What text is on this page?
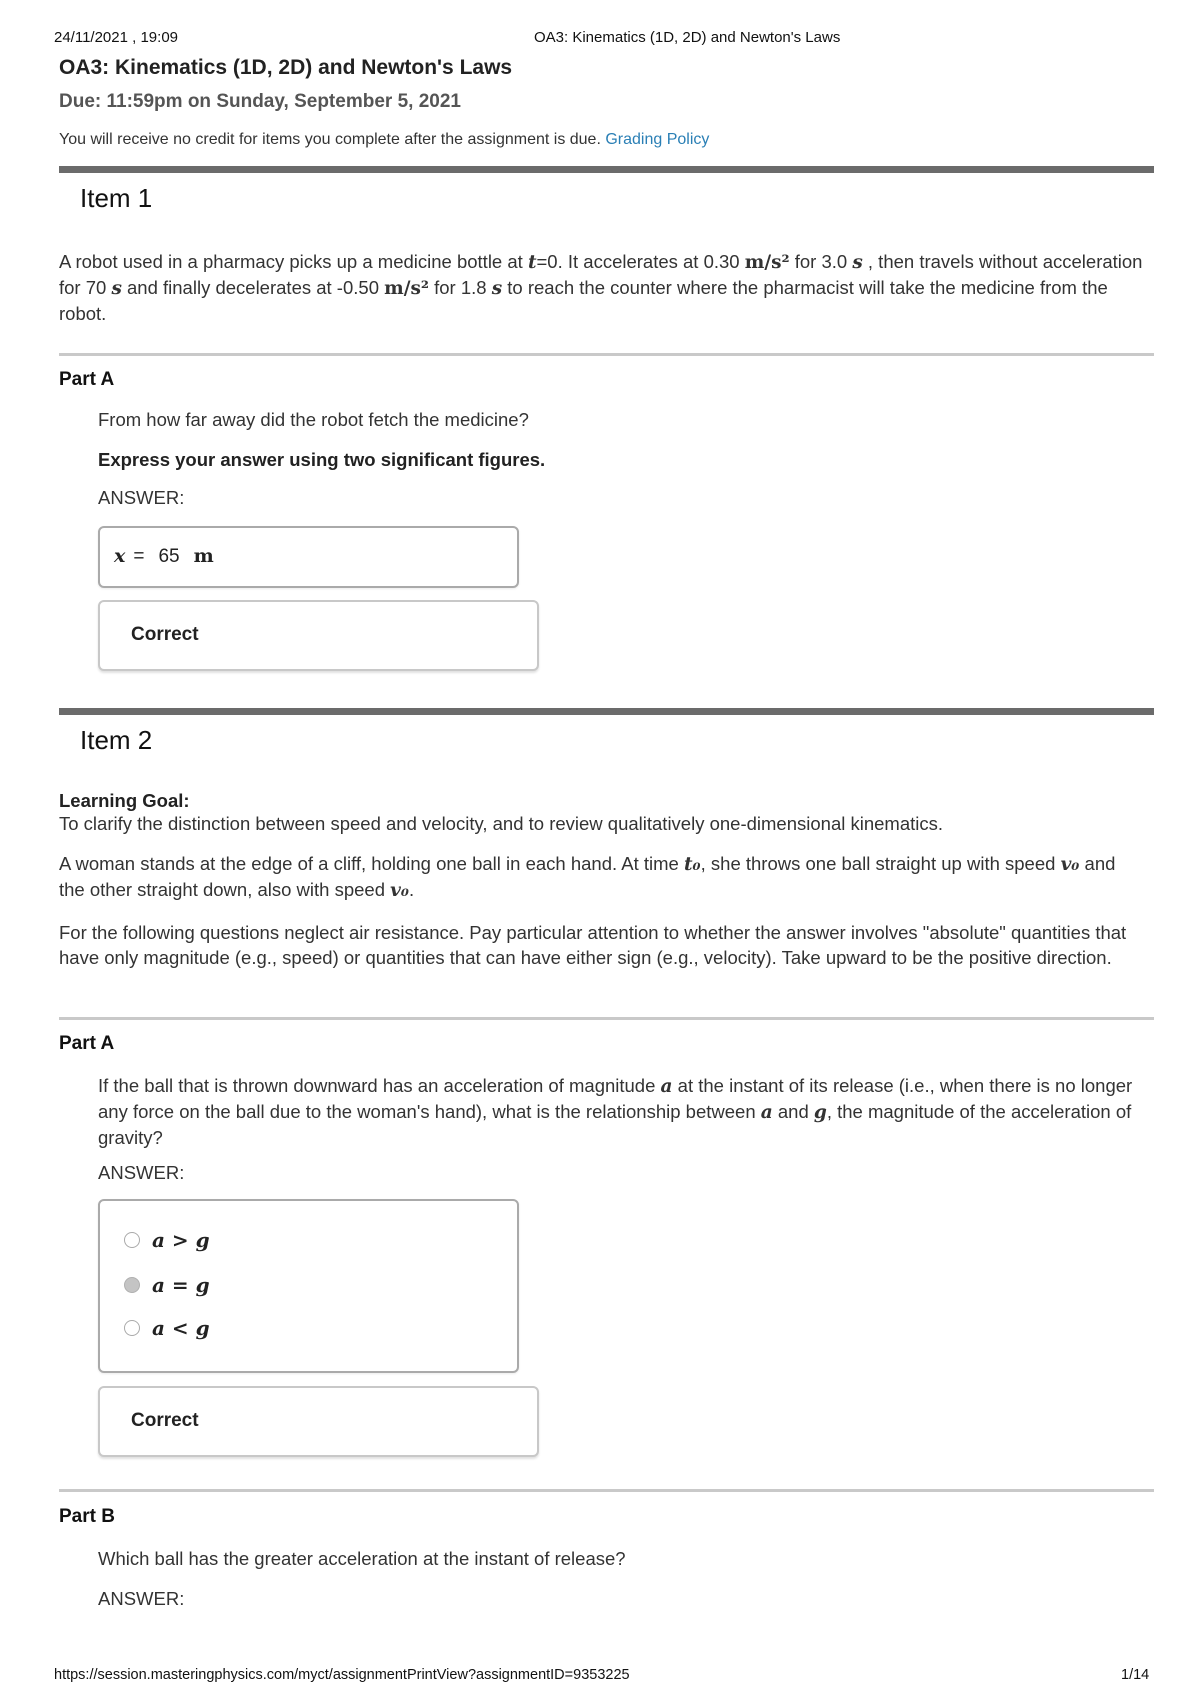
24/11/2021 , 19:09	OA3: Kinematics (1D, 2D) and Newton's Laws
OA3: Kinematics (1D, 2D) and Newton's Laws
Due: 11:59pm on Sunday, September 5, 2021
You will receive no credit for items you complete after the assignment is due. Grading Policy
Item 1
A robot used in a pharmacy picks up a medicine bottle at t=0. It accelerates at 0.30 m/s² for 3.0 s , then travels without acceleration for 70 s and finally decelerates at -0.50 m/s² for 1.8 s to reach the counter where the pharmacist will take the medicine from the robot.
Part A
From how far away did the robot fetch the medicine?
Express your answer using two significant figures.
ANSWER:
x = 65 m
Correct
Item 2
Learning Goal:
To clarify the distinction between speed and velocity, and to review qualitatively one-dimensional kinematics.
A woman stands at the edge of a cliff, holding one ball in each hand. At time t₀, she throws one ball straight up with speed v₀ and the other straight down, also with speed v₀.
For the following questions neglect air resistance. Pay particular attention to whether the answer involves "absolute" quantities that have only magnitude (e.g., speed) or quantities that can have either sign (e.g., velocity). Take upward to be the positive direction.
Part A
If the ball that is thrown downward has an acceleration of magnitude a at the instant of its release (i.e., when there is no longer any force on the ball due to the woman's hand), what is the relationship between a and g, the magnitude of the acceleration of gravity?
ANSWER:
a > g
a = g
a < g
Correct
Part B
Which ball has the greater acceleration at the instant of release?
ANSWER:
https://session.masteringphysics.com/myct/assignmentPrintView?assignmentID=9353225	1/14
